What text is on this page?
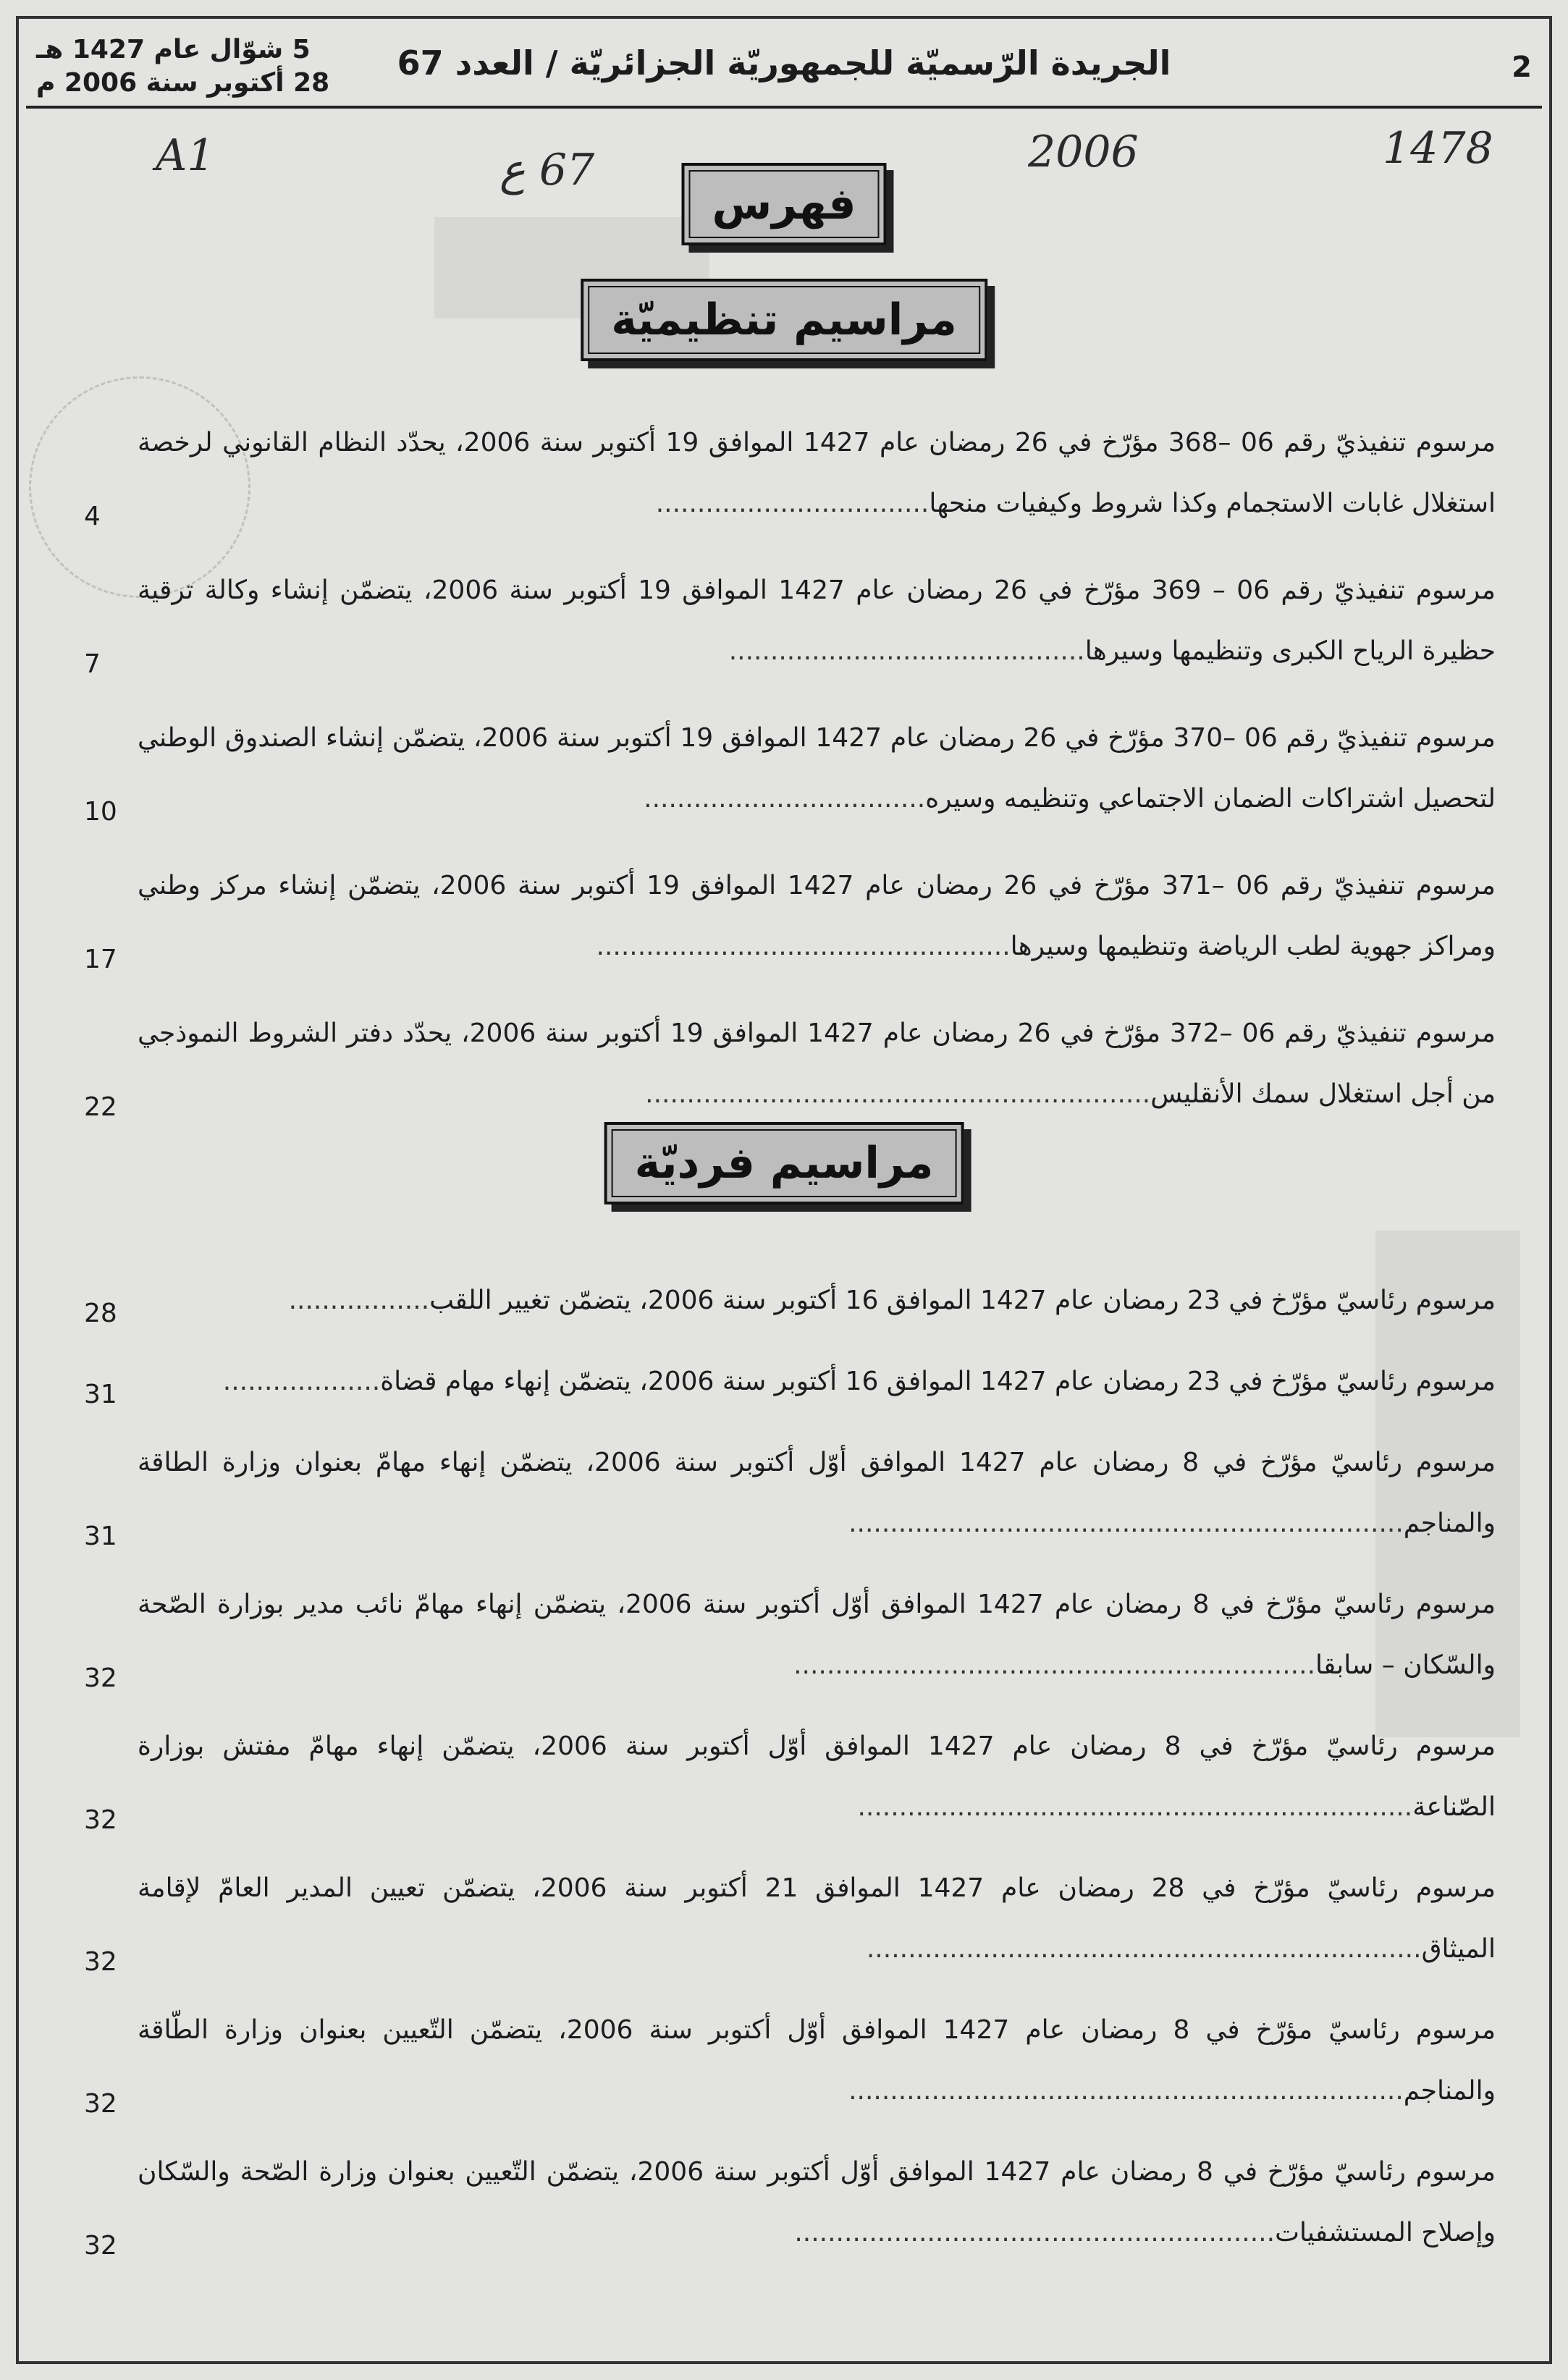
2
الجريدة الرّسميّة للجمهوريّة الجزائريّة / العدد 67
5 شوّال عام 1427 هـ
28 أكتوبر سنة 2006 م
A1	67 ع	2006	1478
فهرس
مراسيم تنظيميّة
مرسوم تنفيذيّ رقم 06 –368 مؤرّخ في 26 رمضان عام 1427 الموافق 19 أكتوبر سنة 2006، يحدّد النظام القانوني لرخصة استغلال غابات الاستجمام وكذا شروط وكيفيات منحها.................................
4
مرسوم تنفيذيّ رقم 06 – 369 مؤرّخ في 26 رمضان عام 1427 الموافق 19 أكتوبر سنة 2006، يتضمّن إنشاء وكالة ترقية حظيرة الرياح الكبرى وتنظيمها وسيرها...........................................
7
مرسوم تنفيذيّ رقم 06 –370 مؤرّخ في 26 رمضان عام 1427 الموافق 19 أكتوبر سنة 2006، يتضمّن إنشاء الصندوق الوطني لتحصيل اشتراكات الضمان الاجتماعي وتنظيمه وسيره..................................
10
مرسوم تنفيذيّ رقم 06 –371 مؤرّخ في 26 رمضان عام 1427 الموافق 19 أكتوبر سنة 2006، يتضمّن إنشاء مركز وطني ومراكز جهوية لطب الرياضة وتنظيمها وسيرها..................................................
17
مرسوم تنفيذيّ رقم 06 –372 مؤرّخ في 26 رمضان عام 1427 الموافق 19 أكتوبر سنة 2006، يحدّد دفتر الشروط النموذجي من أجل استغلال سمك الأنقليس.............................................................
22
مراسيم فرديّة
مرسوم رئاسيّ مؤرّخ في 23 رمضان عام 1427 الموافق 16 أكتوبر سنة 2006، يتضمّن تغيير اللقب.................
28
مرسوم رئاسيّ مؤرّخ في 23 رمضان عام 1427 الموافق 16 أكتوبر سنة 2006، يتضمّن إنهاء مهام قضاة...................
31
مرسوم رئاسيّ مؤرّخ في 8 رمضان عام 1427 الموافق أوّل أكتوبر سنة 2006، يتضمّن إنهاء مهامّ بعنوان وزارة الطاقة والمناجم...................................................................
31
مرسوم رئاسيّ مؤرّخ في 8 رمضان عام 1427 الموافق أوّل أكتوبر سنة 2006، يتضمّن إنهاء مهامّ نائب مدير بوزارة الصّحة والسّكان – سابقا...............................................................
32
مرسوم رئاسيّ مؤرّخ في 8 رمضان عام 1427 الموافق أوّل أكتوبر سنة 2006، يتضمّن إنهاء مهامّ مفتش بوزارة الصّناعة...................................................................
32
مرسوم رئاسيّ مؤرّخ في 28 رمضان عام 1427 الموافق 21 أكتوبر سنة 2006، يتضمّن تعيين المدير العامّ لإقامة الميثاق...................................................................
32
مرسوم رئاسيّ مؤرّخ في 8 رمضان عام 1427 الموافق أوّل أكتوبر سنة 2006، يتضمّن التّعيين بعنوان وزارة الطّاقة والمناجم...................................................................
32
مرسوم رئاسيّ مؤرّخ في 8 رمضان عام 1427 الموافق أوّل أكتوبر سنة 2006، يتضمّن التّعيين بعنوان وزارة الصّحة والسّكان وإصلاح المستشفيات..........................................................
32
